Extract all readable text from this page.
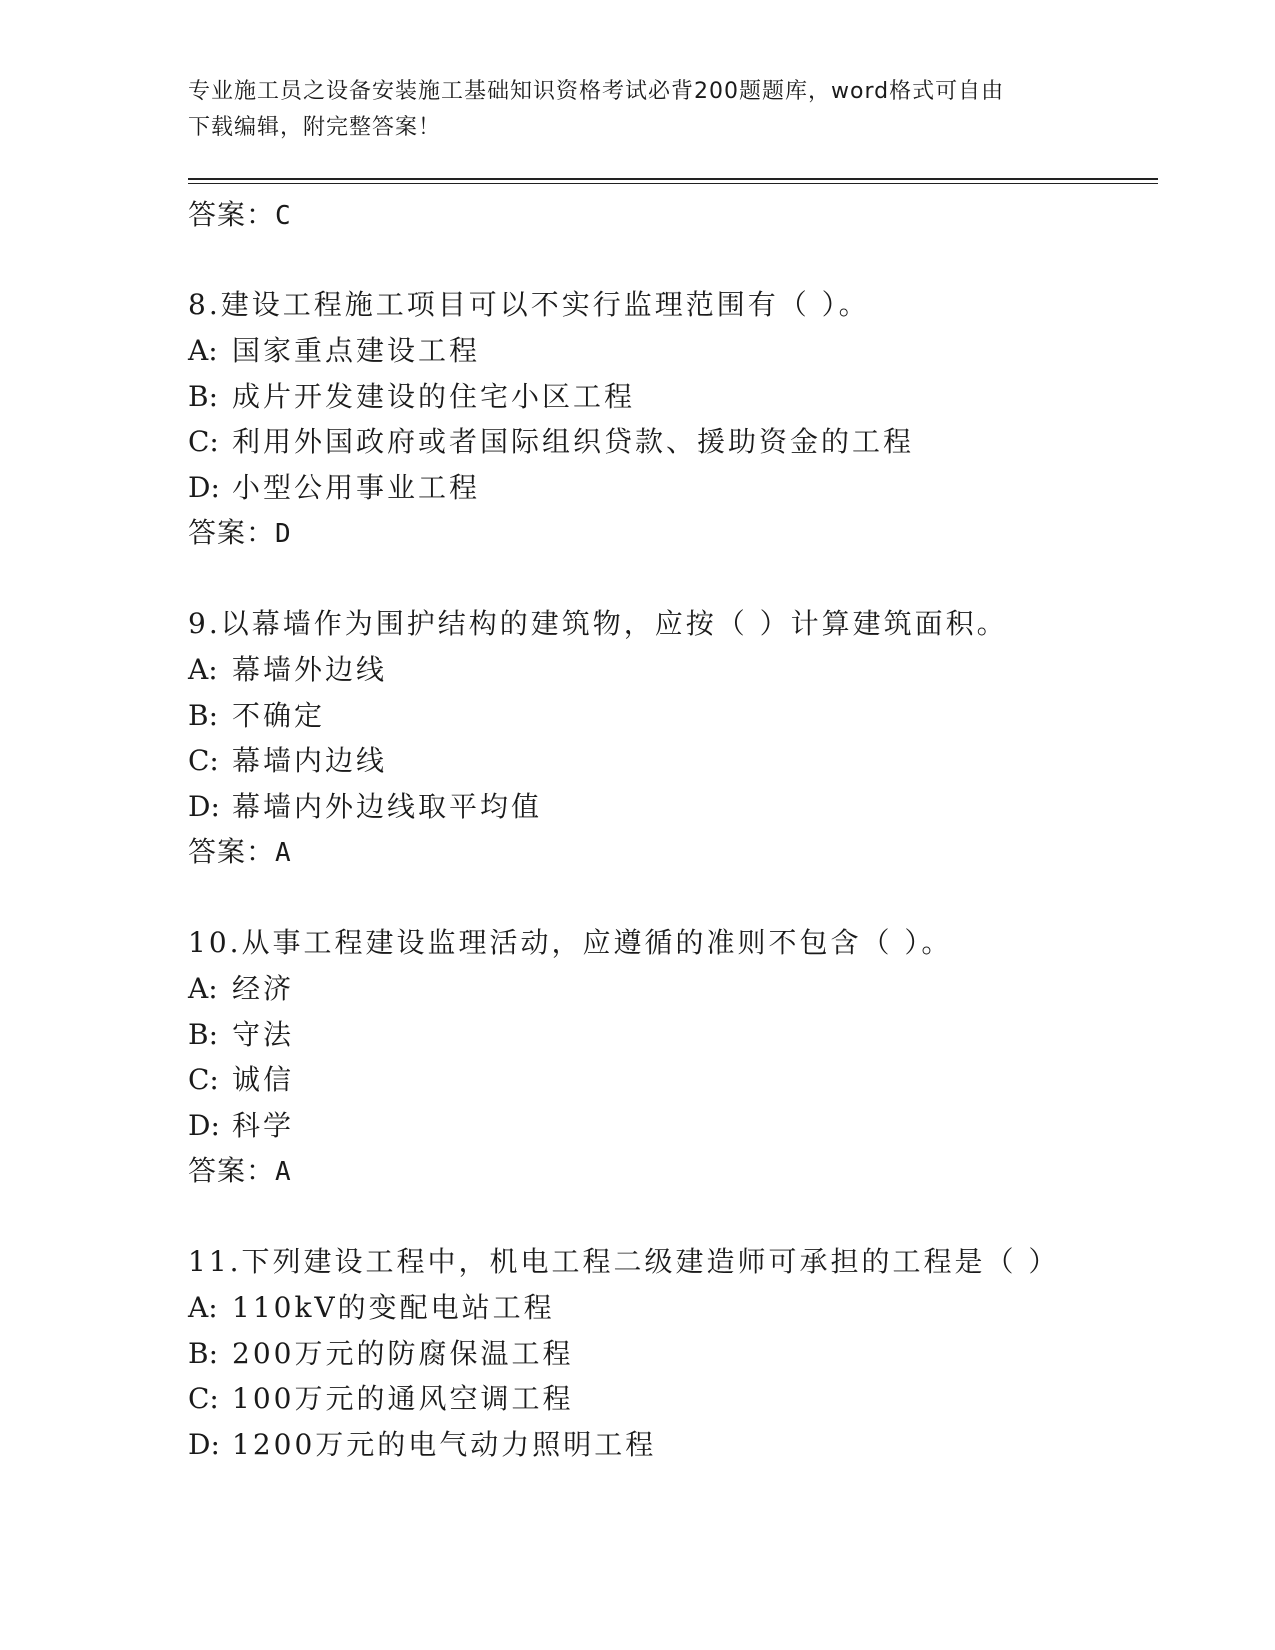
专业施工员之设备安装施工基础知识资格考试必背200题题库，word格式可自由
下载编辑，附完整答案！
答案：C
8.建设工程施工项目可以不实行监理范围有（ ）。
A: 国家重点建设工程
B: 成片开发建设的住宅小区工程
C: 利用外国政府或者国际组织贷款、援助资金的工程
D: 小型公用事业工程
答案：D
9.以幕墙作为围护结构的建筑物，应按（ ）计算建筑面积。
A: 幕墙外边线
B: 不确定
C: 幕墙内边线
D: 幕墙内外边线取平均值
答案：A
10.从事工程建设监理活动，应遵循的准则不包含（ ）。
A: 经济
B: 守法
C: 诚信
D: 科学
答案：A
11.下列建设工程中，机电工程二级建造师可承担的工程是（ ）
A: 110kV的变配电站工程
B: 200万元的防腐保温工程
C: 100万元的通风空调工程
D: 1200万元的电气动力照明工程
